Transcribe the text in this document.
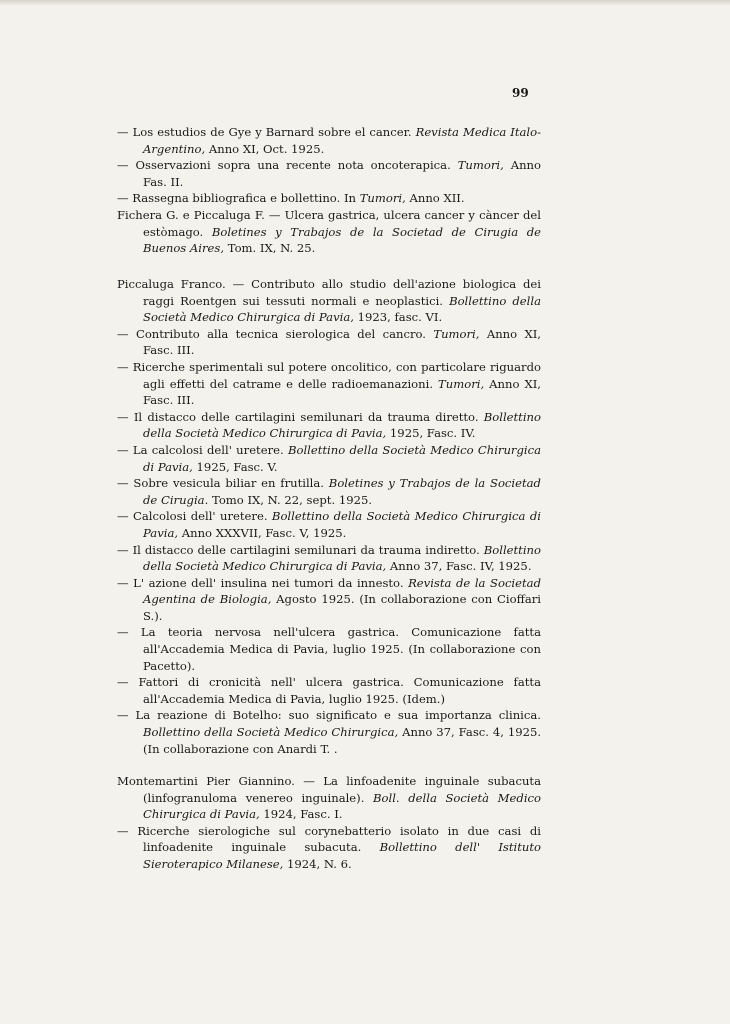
99

— Los estudios de Gye y Barnard sobre el cancer. Revista Medica Italo-Argentino, Anno XI, Oct. 1925.

— Osservazioni sopra una recente nota oncoterapica. Tumori, Anno Fas. II.

— Rassegna bibliografica e bollettino. In Tumori, Anno XII.

Fichera G. e Piccaluga F. — Ulcera gastrica, ulcera cancer y càncer del estòmago. Boletines y Trabajos de la Societad de Cirugia de Buenos Aires, Tom. IX, N. 25.

Piccaluga Franco. — Contributo allo studio dell'azione biologica dei raggi Roentgen sui tessuti normali e neoplastici. Bollettino della Società Medico Chirurgica di Pavia, 1923, fasc. VI.

— Contributo alla tecnica sierologica del cancro. Tumori, Anno XI, Fasc. III.

— Ricerche sperimentali sul potere oncolitico, con particolare riguardo agli effetti del catrame e delle radioemanazioni. Tumori, Anno XI, Fasc. III.

— Il distacco delle cartilagini semilunari da trauma diretto. Bollettino della Società Medico Chirurgica di Pavia, 1925, Fasc. IV.

— La calcolosi dell' uretere. Bollettino della Società Medico Chirurgica di Pavia, 1925, Fasc. V.

— Sobre vesicula biliar en frutilla. Boletines y Trabajos de la Societad de Cirugia. Tomo IX, N. 22, sept. 1925.

— Calcolosi dell' uretere. Bollettino della Società Medico Chirurgica di Pavia, Anno XXXVII, Fasc. V, 1925.

— Il distacco delle cartilagini semilunari da trauma indiretto. Bollettino della Società Medico Chirurgica di Pavia, Anno 37, Fasc. IV, 1925.

— L' azione dell' insulina nei tumori da innesto. Revista de la Societad Agentina de Biologia, Agosto 1925. (In collaborazione con Cioffari S.).

— La teoria nervosa nell'ulcera gastrica. Comunicazione fatta all'Accademia Medica di Pavia, luglio 1925. (In collaborazione con Pacetto).

— Fattori di cronicità nell' ulcera gastrica. Comunicazione fatta all'Accademia Medica di Pavia, luglio 1925. (Idem.)

— La reazione di Botelho: suo significato e sua importanza clinica. Bollettino della Società Medico Chirurgica, Anno 37, Fasc. 4, 1925. (In collaborazione con Anardi T. .

Montemartini Pier Giannino. — La linfoadenite inguinale subacuta (linfogranuloma venereo inguinale). Boll. della Società Medico Chirurgica di Pavia, 1924, Fasc. I.

— Ricerche sierologiche sul corynebatterio isolato in due casi di linfoadenite inguinale subacuta. Bollettino dell' Istituto Sieroterapico Milanese, 1924, N. 6.
